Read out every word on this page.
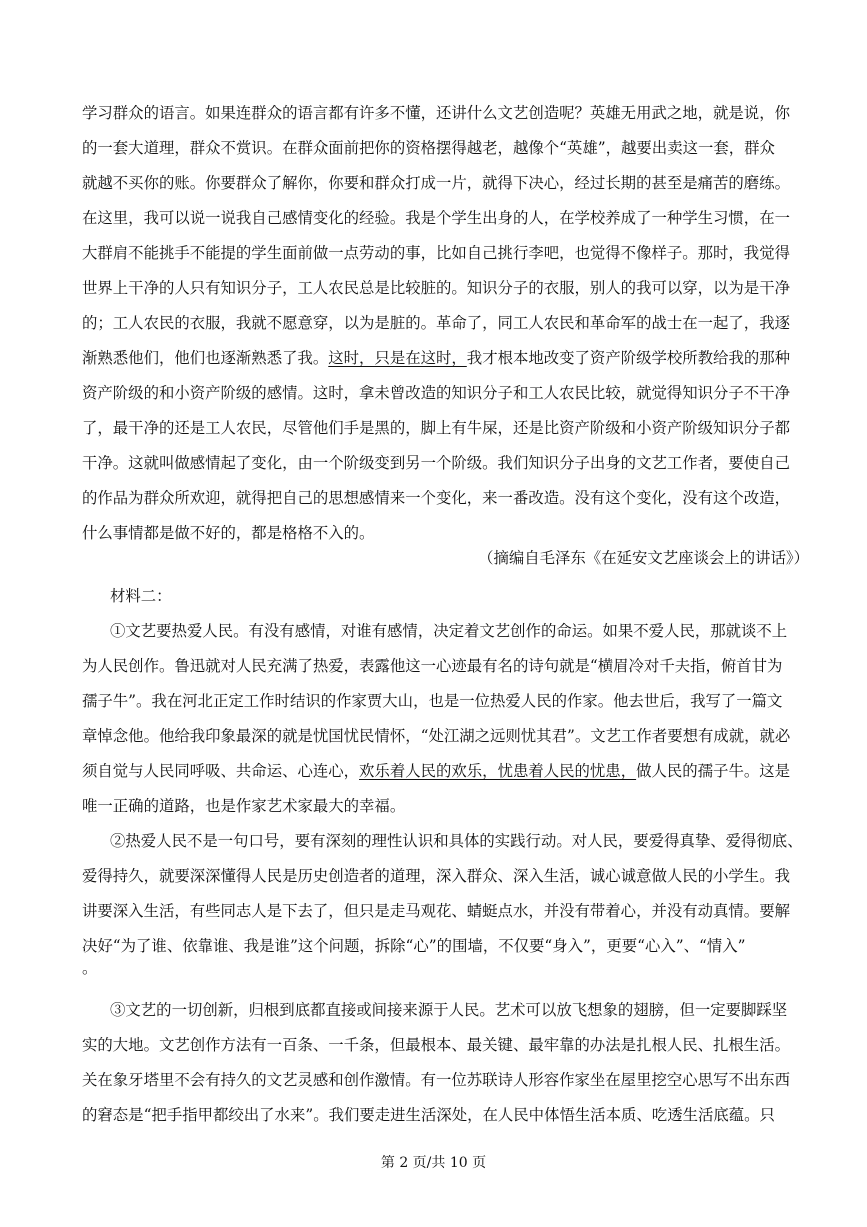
学习群众的语言。如果连群众的语言都有许多不懂，还讲什么文艺创造呢？英雄无用武之地，就是说，你
的一套大道理，群众不赏识。在群众面前把你的资格摆得越老，越像个“英雄”，越要出卖这一套，群众
就越不买你的账。你要群众了解你，你要和群众打成一片，就得下决心，经过长期的甚至是痛苦的磨练。
在这里，我可以说一说我自己感情变化的经验。我是个学生出身的人，在学校养成了一种学生习惯，在一
大群肩不能挑手不能提的学生面前做一点劳动的事，比如自己挑行李吧，也觉得不像样子。那时，我觉得
世界上干净的人只有知识分子，工人农民总是比较脏的。知识分子的衣服，别人的我可以穿，以为是干净
的；工人农民的衣服，我就不愿意穿，以为是脏的。革命了，同工人农民和革命军的战士在一起了，我逐
渐熟悉他们，他们也逐渐熟悉了我。这时，只是在这时，我才根本地改变了资产阶级学校所教给我的那种
资产阶级的和小资产阶级的感情。这时，拿未曾改造的知识分子和工人农民比较，就觉得知识分子不干净
了，最干净的还是工人农民，尽管他们手是黑的，脚上有牛屎，还是比资产阶级和小资产阶级知识分子都
干净。这就叫做感情起了变化，由一个阶级变到另一个阶级。我们知识分子出身的文艺工作者，要使自己
的作品为群众所欢迎，就得把自己的思想感情来一个变化，来一番改造。没有这个变化，没有这个改造，
什么事情都是做不好的，都是格格不入的。
（摘编自毛泽东《在延安文艺座谈会上的讲话》）
材料二：
①文艺要热爱人民。有没有感情，对谁有感情，决定着文艺创作的命运。如果不爱人民，那就谈不上
为人民创作。鲁迅就对人民充满了热爱，表露他这一心迹最有名的诗句就是“横眉冷对千夫指，俯首甘为
孺子牛”。我在河北正定工作时结识的作家贾大山，也是一位热爱人民的作家。他去世后，我写了一篇文
章悼念他。他给我印象最深的就是忧国忧民情怀，“处江湖之远则忧其君”。文艺工作者要想有成就，就必
须自觉与人民同呼吸、共命运、心连心，欢乐着人民的欢乐，忧患着人民的忧患，做人民的孺子牛。这是
唯一正确的道路，也是作家艺术家最大的幸福。
②热爱人民不是一句口号，要有深刻的理性认识和具体的实践行动。对人民，要爱得真挚、爱得彻底、
爱得持久，就要深深懂得人民是历史创造者的道理，深入群众、深入生活，诚心诚意做人民的小学生。我
讲要深入生活，有些同志人是下去了，但只是走马观花、蜻蜓点水，并没有带着心，并没有动真情。要解
决好“为了谁、依靠谁、我是谁”这个问题，拆除“心”的围墙，不仅要“身入”，更要“心入”、“情入”
。
③文艺的一切创新，归根到底都直接或间接来源于人民。艺术可以放飞想象的翅膀，但一定要脚踩坚
实的大地。文艺创作方法有一百条、一千条，但最根本、最关键、最牢靠的办法是扎根人民、扎根生活。
关在象牙塔里不会有持久的文艺灵感和创作激情。有一位苏联诗人形容作家坐在屋里挖空心思写不出东西
的窘态是“把手指甲都绞出了水来”。我们要走进生活深处，在人民中体悟生活本质、吃透生活底蕴。只
第 2 页/共 10 页
